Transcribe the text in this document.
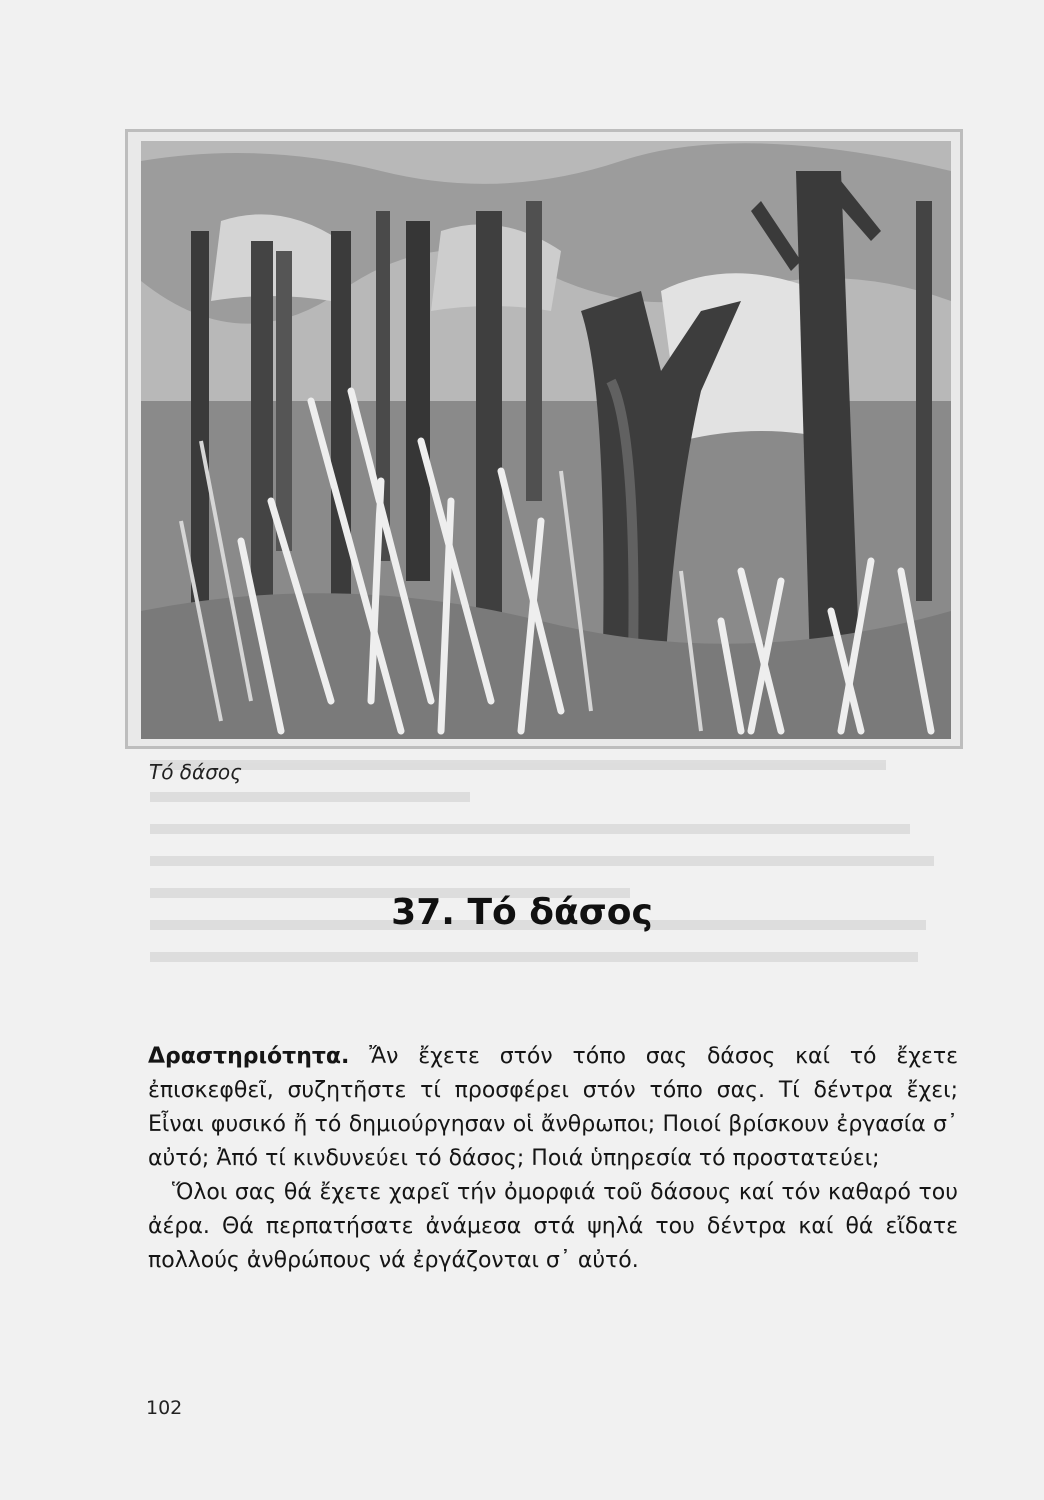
Τό δάσος

37. Τό δάσος

Δραστηριότητα. Ἄν ἔχετε στόν τόπο σας δάσος καί τό ἔχετε ἐπισκεφθεῖ, συζητῆστε τί προσφέρει στόν τόπο σας. Τί δέντρα ἔχει; Εἶναι φυσικό ἤ τό δημιούργησαν οἱ ἄνθρωποι; Ποιοί βρίσκουν ἐργασία σ᾽ αὐτό; Ἀπό τί κινδυνεύει τό δάσος; Ποιά ὑπηρεσία τό προστατεύει;

Ὅλοι σας θά ἔχετε χαρεῖ τήν ὀμορφιά τοῦ δάσους καί τόν καθαρό του ἀέρα. Θά περπατήσατε ἀνάμεσα στά ψηλά του δέντρα καί θά εἴδατε πολλούς ἀνθρώπους νά ἐργάζονται σ᾽ αὐτό.

102
